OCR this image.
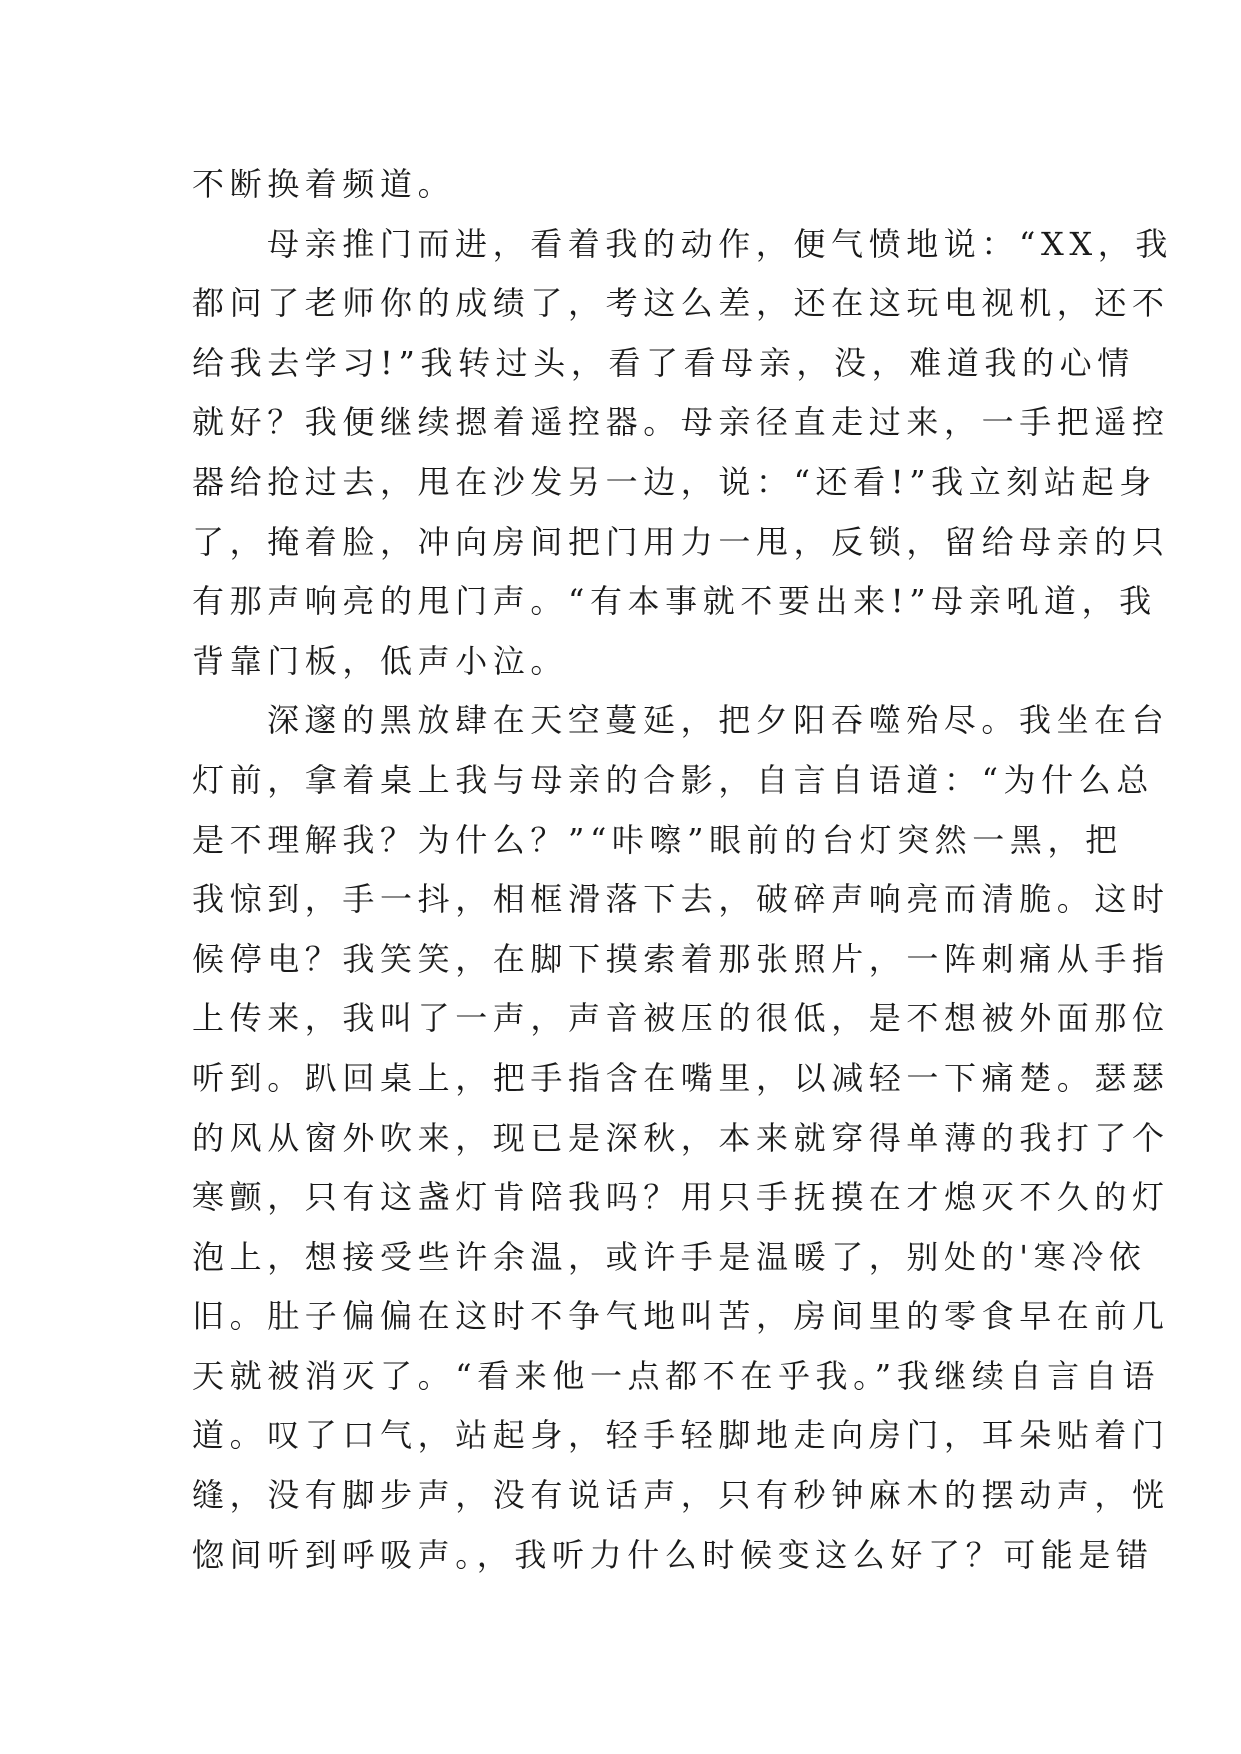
不断换着频道。
母亲推门而进，看着我的动作，便气愤地说：“XX，我
都问了老师你的成绩了，考这么差，还在这玩电视机，还不
给我去学习!”我转过头，看了看母亲，没，难道我的心情
就好？我便继续摁着遥控器。母亲径直走过来，一手把遥控
器给抢过去，甩在沙发另一边，说：“还看!”我立刻站起身
了，掩着脸，冲向房间把门用力一甩，反锁，留给母亲的只
有那声响亮的甩门声。“有本事就不要出来!”母亲吼道，我
背靠门板，低声小泣。
深邃的黑放肆在天空蔓延，把夕阳吞噬殆尽。我坐在台
灯前，拿着桌上我与母亲的合影，自言自语道：“为什么总
是不理解我？为什么？”“咔嚓”眼前的台灯突然一黑，把
我惊到，手一抖，相框滑落下去，破碎声响亮而清脆。这时
候停电？我笑笑，在脚下摸索着那张照片，一阵刺痛从手指
上传来，我叫了一声，声音被压的很低，是不想被外面那位
听到。趴回桌上，把手指含在嘴里，以减轻一下痛楚。瑟瑟
的风从窗外吹来，现已是深秋，本来就穿得单薄的我打了个
寒颤，只有这盏灯肯陪我吗？用只手抚摸在才熄灭不久的灯
泡上，想接受些许余温，或许手是温暖了，别处的'寒冷依
旧。肚子偏偏在这时不争气地叫苦，房间里的零食早在前几
天就被消灭了。“看来他一点都不在乎我。”我继续自言自语
道。叹了口气，站起身，轻手轻脚地走向房门，耳朵贴着门
缝，没有脚步声，没有说话声，只有秒钟麻木的摆动声，恍
惚间听到呼吸声。，我听力什么时候变这么好了？可能是错
